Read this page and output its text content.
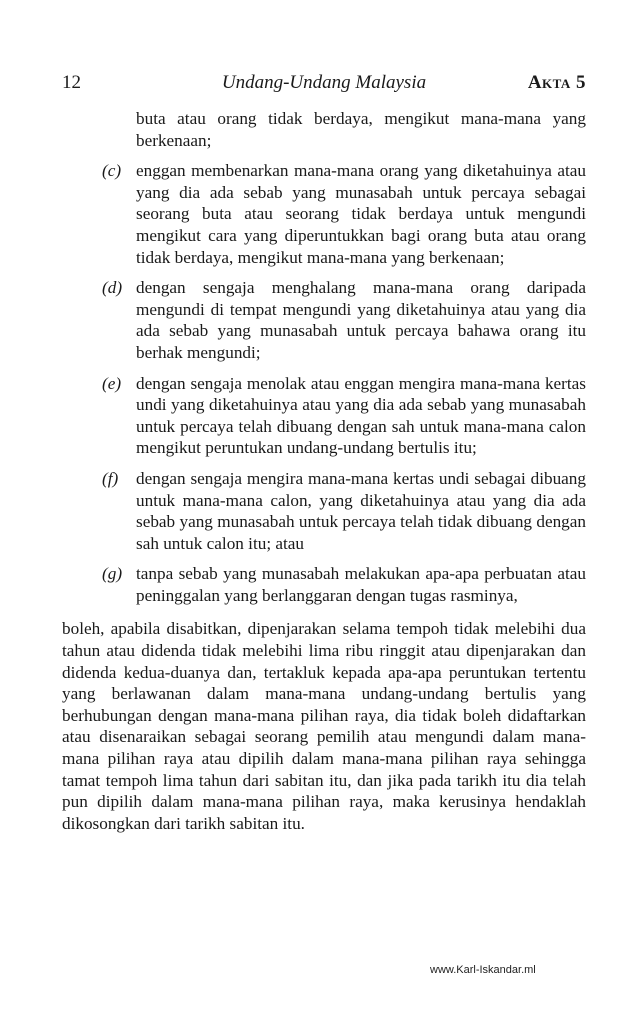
12	Undang-Undang Malaysia	Akta 5
buta atau orang tidak berdaya, mengikut mana-mana yang berkenaan;
(c) enggan membenarkan mana-mana orang yang diketahuinya atau yang dia ada sebab yang munasabah untuk percaya sebagai seorang buta atau seorang tidak berdaya untuk mengundi mengikut cara yang diperuntukkan bagi orang buta atau orang tidak berdaya, mengikut mana-mana yang berkenaan;
(d) dengan sengaja menghalang mana-mana orang daripada mengundi di tempat mengundi yang diketahuinya atau yang dia ada sebab yang munasabah untuk percaya bahawa orang itu berhak mengundi;
(e) dengan sengaja menolak atau enggan mengira mana-mana kertas undi yang diketahuinya atau yang dia ada sebab yang munasabah untuk percaya telah dibuang dengan sah untuk mana-mana calon mengikut peruntukan undang-undang bertulis itu;
(f) dengan sengaja mengira mana-mana kertas undi sebagai dibuang untuk mana-mana calon, yang diketahuinya atau yang dia ada sebab yang munasabah untuk percaya telah tidak dibuang dengan sah untuk calon itu; atau
(g) tanpa sebab yang munasabah melakukan apa-apa perbuatan atau peninggalan yang berlanggaran dengan tugas rasminya,
boleh, apabila disabitkan, dipenjarakan selama tempoh tidak melebihi dua tahun atau didenda tidak melebihi lima ribu ringgit atau dipenjarakan dan didenda kedua-duanya dan, tertakluk kepada apa-apa peruntukan tertentu yang berlawanan dalam mana-mana undang-undang bertulis yang berhubungan dengan mana-mana pilihan raya, dia tidak boleh didaftarkan atau disenaraikan sebagai seorang pemilih atau mengundi dalam mana-mana pilihan raya atau dipilih dalam mana-mana pilihan raya sehingga tamat tempoh lima tahun dari sabitan itu, dan jika pada tarikh itu dia telah pun dipilih dalam mana-mana pilihan raya, maka kerusinya hendaklah dikosongkan dari tarikh sabitan itu.
www.Karl-Iskandar.ml
